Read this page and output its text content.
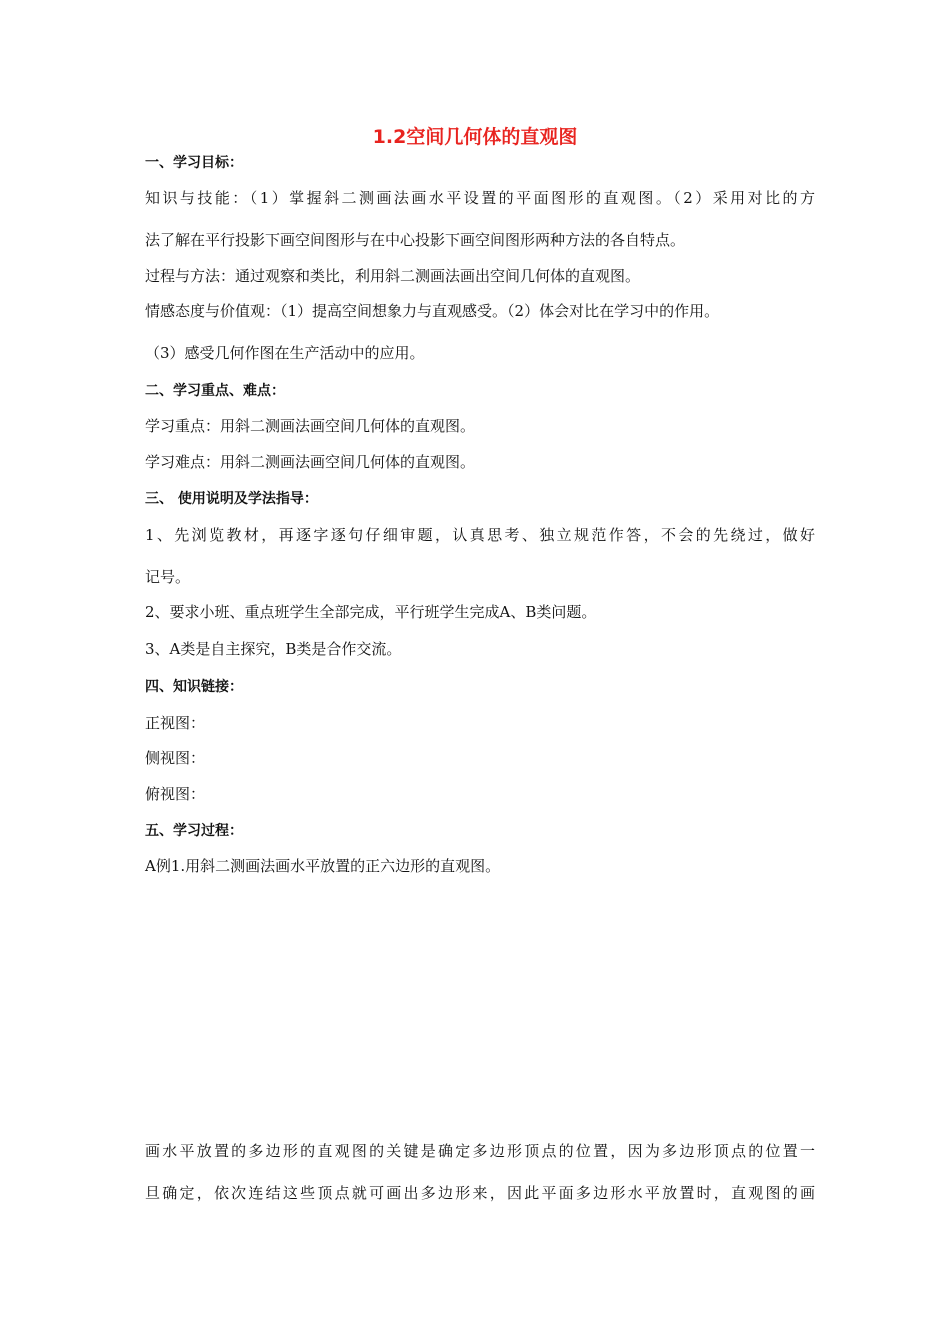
1.2空间几何体的直观图
一、学习目标：
知识与技能：（1）掌握斜二测画法画水平设置的平面图形的直观图。（2）采用对比的方
法了解在平行投影下画空间图形与在中心投影下画空间图形两种方法的各自特点。
过程与方法：通过观察和类比，利用斜二测画法画出空间几何体的直观图。
情感态度与价值观：（1）提高空间想象力与直观感受。（2）体会对比在学习中的作用。
（3）感受几何作图在生产活动中的应用。
二、学习重点、难点：
学习重点：用斜二测画法画空间几何体的直观图。
学习难点：用斜二测画法画空间几何体的直观图。
三、 使用说明及学法指导：
1、先浏览教材，再逐字逐句仔细审题，认真思考、独立规范作答，不会的先绕过，做好
记号。
2、要求小班、重点班学生全部完成，平行班学生完成A、B类问题。
3、A类是自主探究，B类是合作交流。
四、知识链接：
正视图：
侧视图：
俯视图：
五、学习过程：
A例1.用斜二测画法画水平放置的正六边形的直观图。
画水平放置的多边形的直观图的关键是确定多边形顶点的位置，因为多边形顶点的位置一
旦确定，依次连结这些顶点就可画出多边形来，因此平面多边形水平放置时，直观图的画
